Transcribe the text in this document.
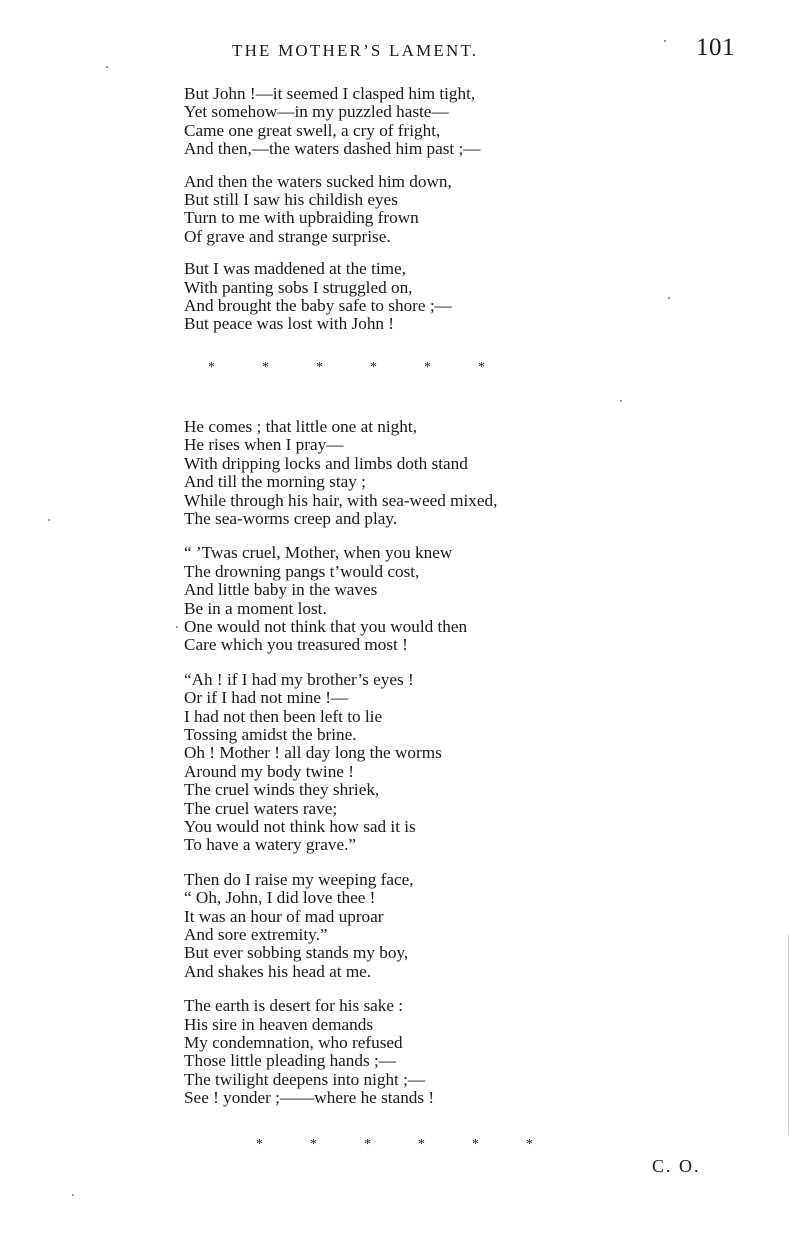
THE MOTHER’S LAMENT.	101
But John !—it seemed I clasped him tight,
Yet somehow—in my puzzled haste—
Came one great swell, a cry of fright,
And then,—the waters dashed him past ;—
And then the waters sucked him down,
But still I saw his childish eyes
Turn to me with upbraiding frown
Of grave and strange surprise.
But I was maddened at the time,
With panting sobs I struggled on,
And brought the baby safe to shore ;—
But peace was lost with John !
He comes ; that little one at night,
He rises when I pray—
With dripping locks and limbs doth stand
And till the morning stay ;
While through his hair, with sea-weed mixed,
The sea-worms creep and play.
“ ’Twas cruel, Mother, when you knew
The drowning pangs t’would cost,
And little baby in the waves
Be in a moment lost.
One would not think that you would then
Care which you treasured most !
“Ah ! if I had my brother’s eyes !
Or if I had not mine !—
I had not then been left to lie
Tossing amidst the brine.
Oh ! Mother ! all day long the worms
Around my body twine !
The cruel winds they shriek,
The cruel waters rave;
You would not think how sad it is
To have a watery grave.”
Then do I raise my weeping face,
“ Oh, John, I did love thee !
It was an hour of mad uproar
And sore extremity.”
But ever sobbing stands my boy,
And shakes his head at me.
The earth is desert for his sake :
His sire in heaven demands
My condemnation, who refused
Those little pleading hands ;—
The twilight deepens into night ;—
See ! yonder ;——where he stands !
*	*	*	*	*	*
*	*	*	*	*	*
C. O.
